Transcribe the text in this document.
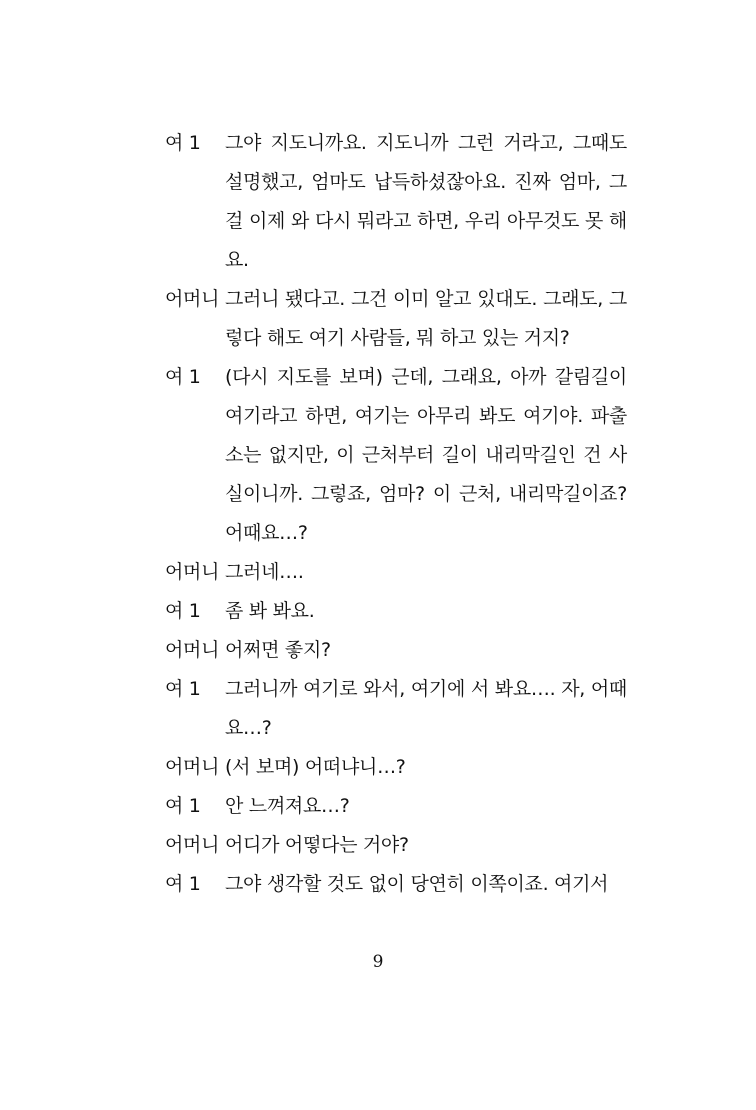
여 1 그야 지도니까요. 지도니까 그런 거라고, 그때도 설명했고, 엄마도 납득하셨잖아요. 진짜 엄마, 그걸 이제 와 다시 뭐라고 하면, 우리 아무것도 못 해요.
어머니 그러니 됐다고. 그건 이미 알고 있대도. 그래도, 그렇다 해도 여기 사람들, 뭐 하고 있는 거지?
여 1 (다시 지도를 보며) 근데, 그래요, 아까 갈림길이 여기라고 하면, 여기는 아무리 봐도 여기야. 파출소는 없지만, 이 근처부터 길이 내리막길인 건 사실이니까. 그렇죠, 엄마? 이 근처, 내리막길이죠? 어때요…?
어머니 그러네….
여 1 좀 봐 봐요.
어머니 어쩌면 좋지?
여 1 그러니까 여기로 와서, 여기에 서 봐요…. 자, 어때요…?
어머니 (서 보며) 어떠냐니…?
여 1 안 느껴져요…?
어머니 어디가 어떻다는 거야?
여 1 그야 생각할 것도 없이 당연히 이쪽이죠. 여기서
9
